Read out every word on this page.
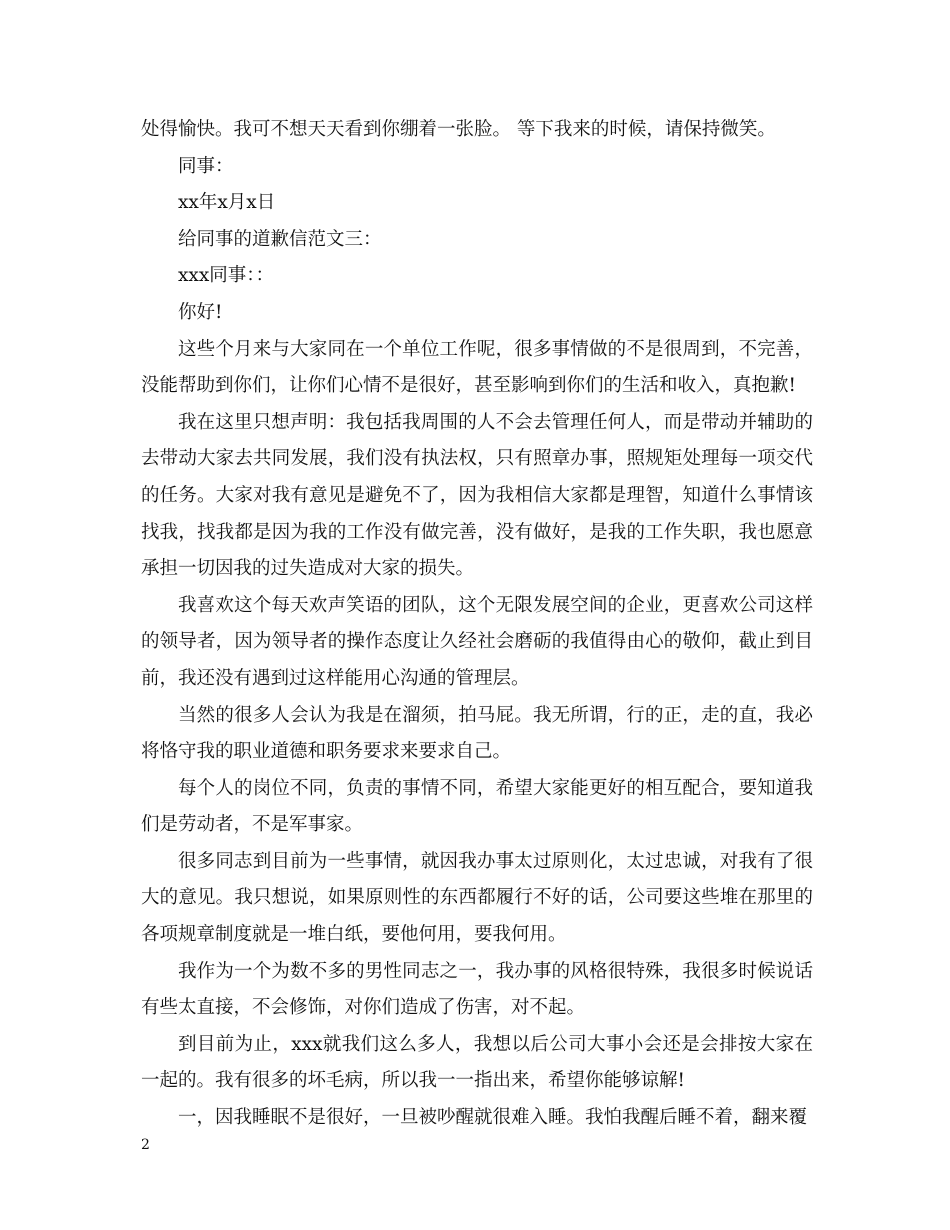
处得愉快。我可不想天天看到你绷着一张脸。 等下我来的时候，请保持微笑。

同事：

xx年x月x日

给同事的道歉信范文三：

xxx同事：：

你好!

这些个月来与大家同在一个单位工作呢，很多事情做的不是很周到，不完善，没能帮助到你们，让你们心情不是很好，甚至影响到你们的生活和收入，真抱歉!

我在这里只想声明：我包括我周围的人不会去管理任何人，而是带动并辅助的去带动大家去共同发展，我们没有执法权，只有照章办事，照规矩处理每一项交代的任务。大家对我有意见是避免不了，因为我相信大家都是理智，知道什么事情该找我，找我都是因为我的工作没有做完善，没有做好，是我的工作失职，我也愿意承担一切因我的过失造成对大家的损失。

我喜欢这个每天欢声笑语的团队，这个无限发展空间的企业，更喜欢公司这样的领导者，因为领导者的操作态度让久经社会磨砺的我值得由心的敬仰，截止到目前，我还没有遇到过这样能用心沟通的管理层。

当然的很多人会认为我是在溜须，拍马屁。我无所谓，行的正，走的直，我必将恪守我的职业道德和职务要求来要求自己。

每个人的岗位不同，负责的事情不同，希望大家能更好的相互配合，要知道我们是劳动者，不是军事家。

很多同志到目前为一些事情，就因我办事太过原则化，太过忠诚，对我有了很大的意见。我只想说，如果原则性的东西都履行不好的话，公司要这些堆在那里的各项规章制度就是一堆白纸，要他何用，要我何用。

我作为一个为数不多的男性同志之一，我办事的风格很特殊，我很多时候说话有些太直接，不会修饰，对你们造成了伤害，对不起。

到目前为止，xxx就我们这么多人，我想以后公司大事小会还是会排按大家在一起的。我有很多的坏毛病，所以我一一指出来，希望你能够谅解!

一，因我睡眠不是很好，一旦被吵醒就很难入睡。我怕我醒后睡不着，翻来覆

2
